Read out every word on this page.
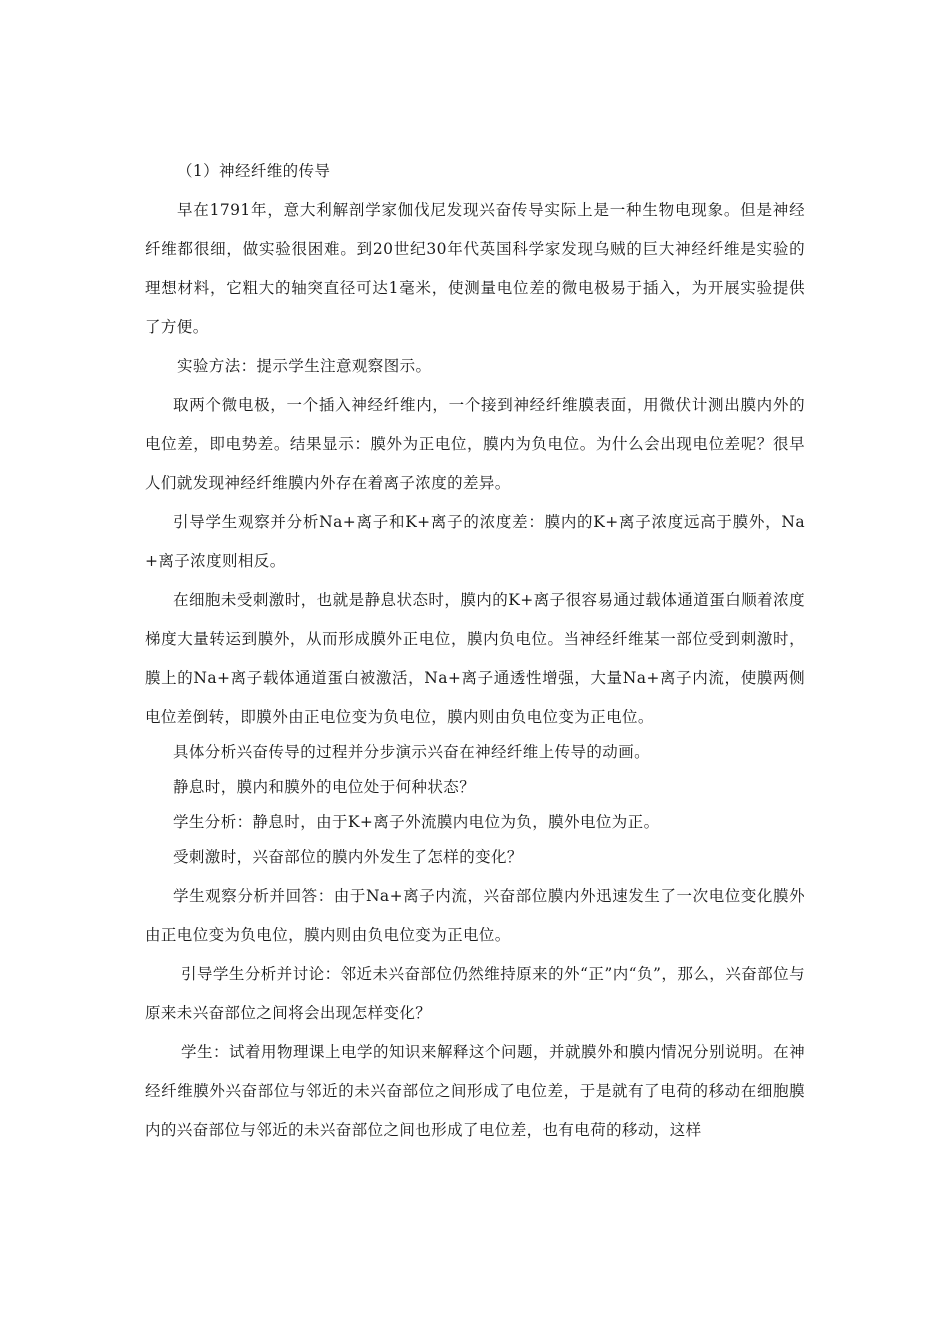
（1）神经纤维的传导

早在1791年，意大利解剖学家伽伐尼发现兴奋传导实际上是一种生物电现象。但是神经纤维都很细，做实验很困难。到20世纪30年代英国科学家发现乌贼的巨大神经纤维是实验的理想材料，它粗大的轴突直径可达1毫米，使测量电位差的微电极易于插入，为开展实验提供了方便。

实验方法：提示学生注意观察图示。

取两个微电极，一个插入神经纤维内，一个接到神经纤维膜表面，用微伏计测出膜内外的电位差，即电势差。结果显示：膜外为正电位，膜内为负电位。为什么会出现电位差呢？很早人们就发现神经纤维膜内外存在着离子浓度的差异。

引导学生观察并分析Na+离子和K+离子的浓度差：膜内的K+离子浓度远高于膜外，Na+离子浓度则相反。

在细胞未受刺激时，也就是静息状态时，膜内的K+离子很容易通过载体通道蛋白顺着浓度梯度大量转运到膜外，从而形成膜外正电位，膜内负电位。当神经纤维某一部位受到刺激时，膜上的Na+离子载体通道蛋白被激活，Na+离子通透性增强，大量Na+离子内流，使膜两侧电位差倒转，即膜外由正电位变为负电位，膜内则由负电位变为正电位。

具体分析兴奋传导的过程并分步演示兴奋在神经纤维上传导的动画。

静息时，膜内和膜外的电位处于何种状态？

学生分析：静息时，由于K+离子外流膜内电位为负，膜外电位为正。

受刺激时，兴奋部位的膜内外发生了怎样的变化？

学生观察分析并回答：由于Na+离子内流，兴奋部位膜内外迅速发生了一次电位变化膜外由正电位变为负电位，膜内则由负电位变为正电位。

引导学生分析并讨论：邻近未兴奋部位仍然维持原来的外“正”内“负”，那么，兴奋部位与原来未兴奋部位之间将会出现怎样变化？

学生：试着用物理课上电学的知识来解释这个问题，并就膜外和膜内情况分别说明。在神经纤维膜外兴奋部位与邻近的未兴奋部位之间形成了电位差，于是就有了电荷的移动在细胞膜内的兴奋部位与邻近的未兴奋部位之间也形成了电位差，也有电荷的移动，这样
